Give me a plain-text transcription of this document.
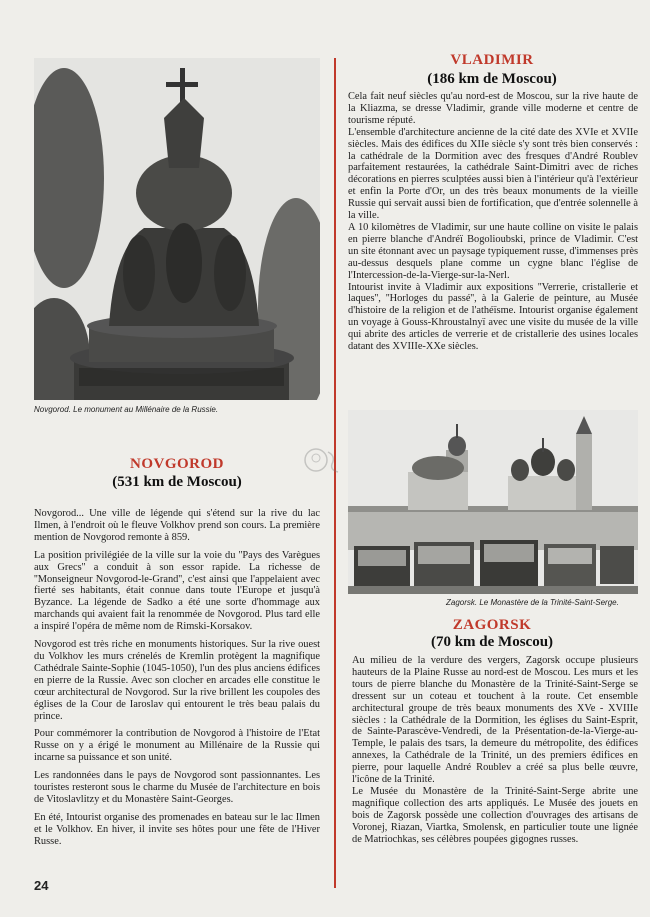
Novgorod. Le monument au Millénaire de la Russie.
NOVGOROD
(531 km de Moscou)

Novgorod... Une ville de légende qui s'étend sur la rive du lac Ilmen, à l'endroit où le fleuve Volkhov prend son cours. La première mention de Novgorod remonte à 859.

La position privilégiée de la ville sur la voie du ''Pays des Varègues aux Grecs'' a conduit à son essor rapide. La richesse de ''Monseigneur Novgorod-le-Grand'', c'est ainsi que l'appelaient avec fierté ses habitants, était connue dans toute l'Europe et jusqu'à Byzance. La légende de Sadko a été une sorte d'hommage aux marchands qui avaient fait la renommée de Novgorod. Plus tard elle a inspiré l'opéra de même nom de Rimski-Korsakov.

Novgorod est très riche en monuments historiques. Sur la rive ouest du Volkhov les murs crénelés de Kremlin protègent la magnifique Cathédrale Sainte-Sophie (1045-1050), l'un des plus anciens édifices en pierre de la Russie. Avec son clocher en arcades elle constitue le cœur architectural de Novgorod. Sur la rive brillent les coupoles des églises de la Cour de Iaroslav qui entourent le très beau palais du prince.

Pour commémorer la contribution de Novgorod à l'histoire de l'Etat Russe on y a érigé le monument au Millénaire de la Russie qui incarne sa puissance et son unité.

Les randonnées dans le pays de Novgorod sont passionnantes. Les touristes resteront sous le charme du Musée de l'architecture en bois de Vitoslavlitzy et du Monastère Saint-Georges.

En été, Intourist organise des promenades en bateau sur le lac Ilmen et le Volkhov. En hiver, il invite ses hôtes pour une fête de l'Hiver Russe.

VLADIMIR
(186 km de Moscou)

Cela fait neuf siècles qu'au nord-est de Moscou, sur la rive haute de la Kliazma, se dresse Vladimir, grande ville moderne et centre de tourisme réputé.

L'ensemble d'architecture ancienne de la cité date des XVIe et XVIIe siècles. Mais des édifices du XIIe siècle s'y sont très bien conservés : la cathédrale de la Dormition avec des fresques d'André Roublev parfaitement restaurées, la cathédrale Saint-Dimitri avec de riches décorations en pierres sculptées aussi bien à l'intérieur qu'à l'extérieur et enfin la Porte d'Or, un des très beaux monuments de la vieille Russie qui servait aussi bien de fortification, que d'entrée solennelle à la ville.

A 10 kilomètres de Vladimir, sur une haute colline on visite le palais en pierre blanche d'Andréï Bogolioubski, prince de Vladimir. C'est un site étonnant avec un paysage typiquement russe, d'immenses près au-dessus desquels plane comme un cygne blanc l'église de l'Intercession-de-la-Vierge-sur-la-Nerl.

Intourist invite à Vladimir aux expositions ''Verrerie, cristallerie et laques'', ''Horloges du passé'', à la Galerie de peinture, au Musée d'histoire de la religion et de l'athéïsme. Intourist organise également un voyage à Gouss-Khroustalnyï avec une visite du musée de la ville qui abrite des articles de verrerie et de cristallerie des usines locales datant des XVIIIe-XXe siècles.

Zagorsk. Le Monastère de la Trinité-Saint-Serge.
ZAGORSK
(70 km de Moscou)

Au milieu de la verdure des vergers, Zagorsk occupe plusieurs hauteurs de la Plaine Russe au nord-est de Moscou. Les murs et les tours de pierre blanche du Monastère de la Trinité-Saint-Serge se dressent sur un coteau et touchent à la route. Cet ensemble architectural groupe de très beaux monuments des XVe - XVIIIe siècles : la Cathédrale de la Dormition, les églises du Saint-Esprit, de Sainte-Parascève-Vendredi, de la Présentation-de-la-Vierge-au-Temple, le palais des tsars, la demeure du métropolite, des édifices annexes, la Cathédrale de la Trinité, un des premiers édifices en pierre, pour laquelle André Roublev a créé sa plus belle œuvre, l'icône de la Trinité.

Le Musée du Monastère de la Trinité-Saint-Serge abrite une magnifique collection des arts appliqués. Le Musée des jouets en bois de Zagorsk possède une collection d'ouvrages des artisans de Voronej, Riazan, Viartka, Smolensk, en particulier toute une lignée de Matriochkas, ses célèbres poupées gigognes russes.

24
